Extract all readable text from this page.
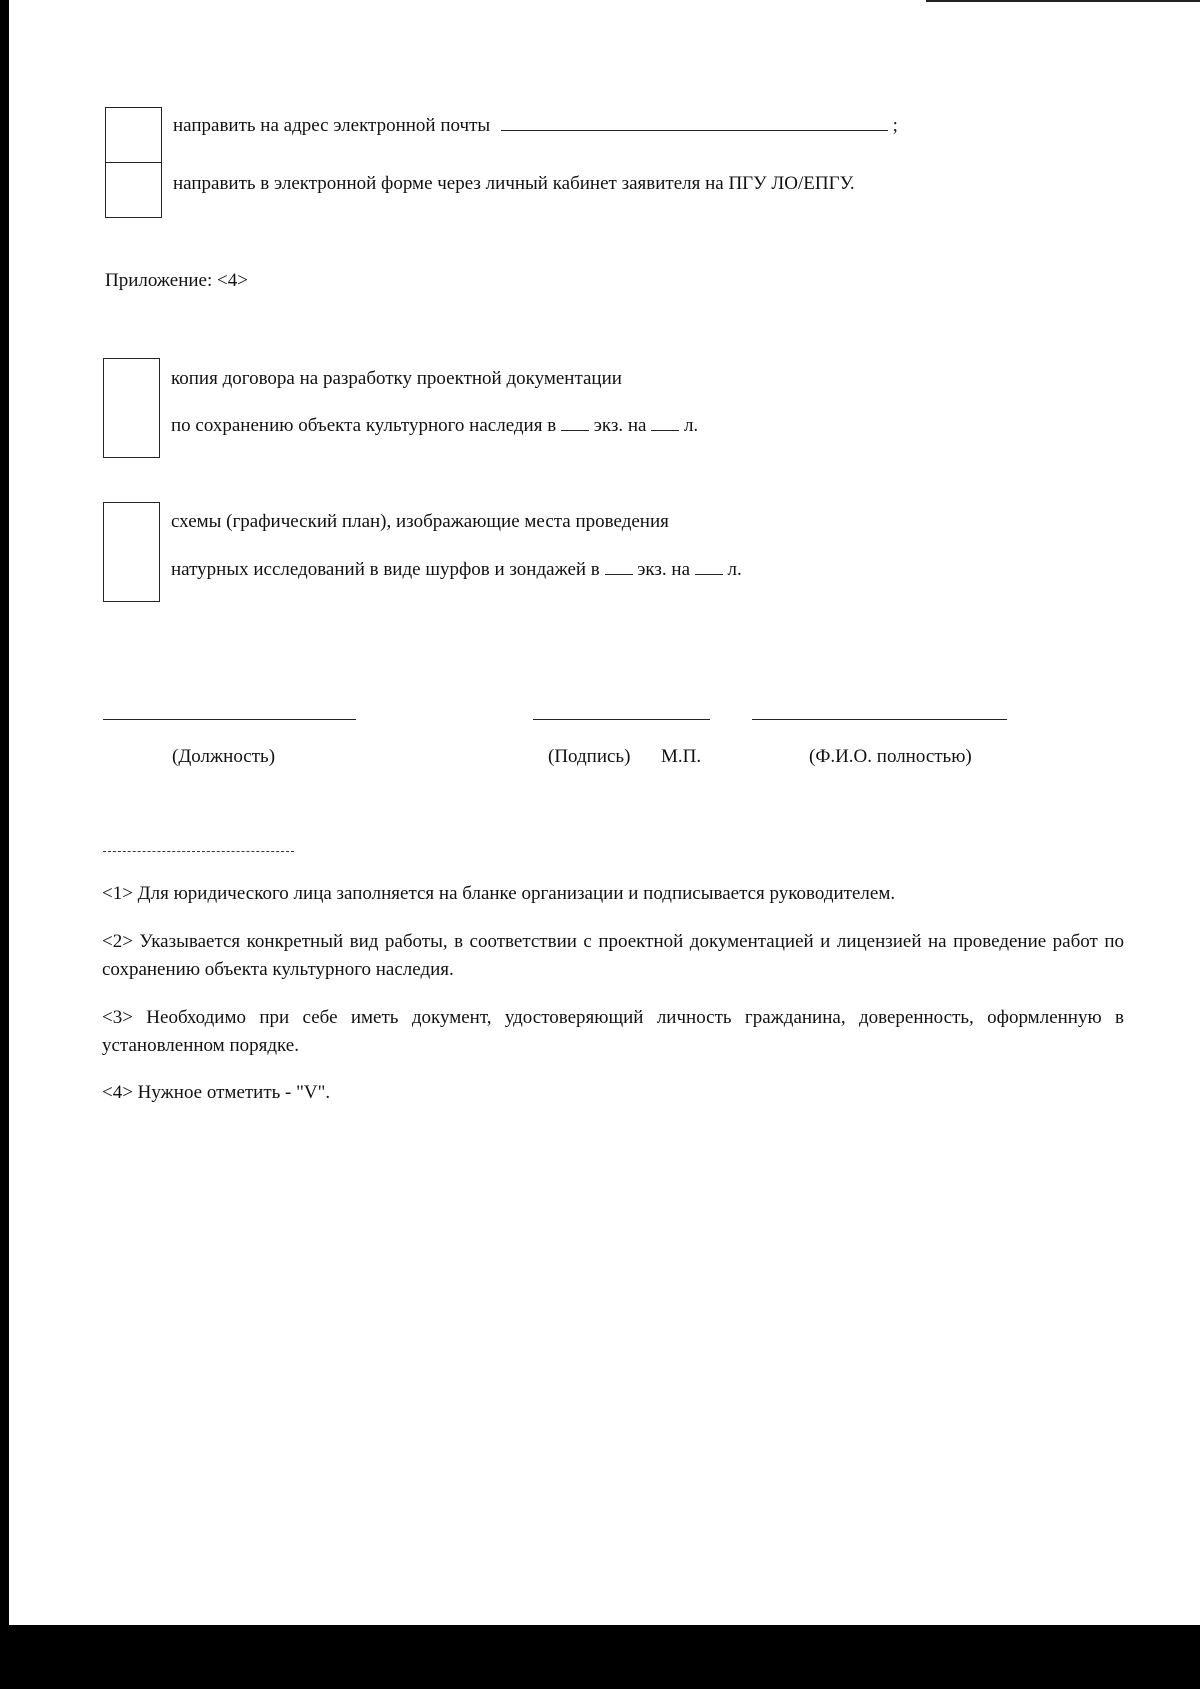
направить на адрес электронной почты	;
направить в электронной форме через личный кабинет заявителя на ПГУ ЛО/ЕПГУ.
Приложение: <4>
копия договора на разработку проектной документации
по сохранению объекта культурного наследия в экз. на л.
схемы (графический план), изображающие места проведения
натурных исследований в виде шурфов и зондажей в экз. на л.
(Должность)	(Подпись) М.П.	(Ф.И.О. полностью)
<1> Для юридического лица заполняется на бланке организации и подписывается руководителем.
<2> Указывается конкретный вид работы, в соответствии с проектной документацией и лицензией на проведение работ по сохранению объекта культурного наследия.
<3> Необходимо при себе иметь документ, удостоверяющий личность гражданина, доверенность, оформленную в установленном порядке.
<4> Нужное отметить - "V".
